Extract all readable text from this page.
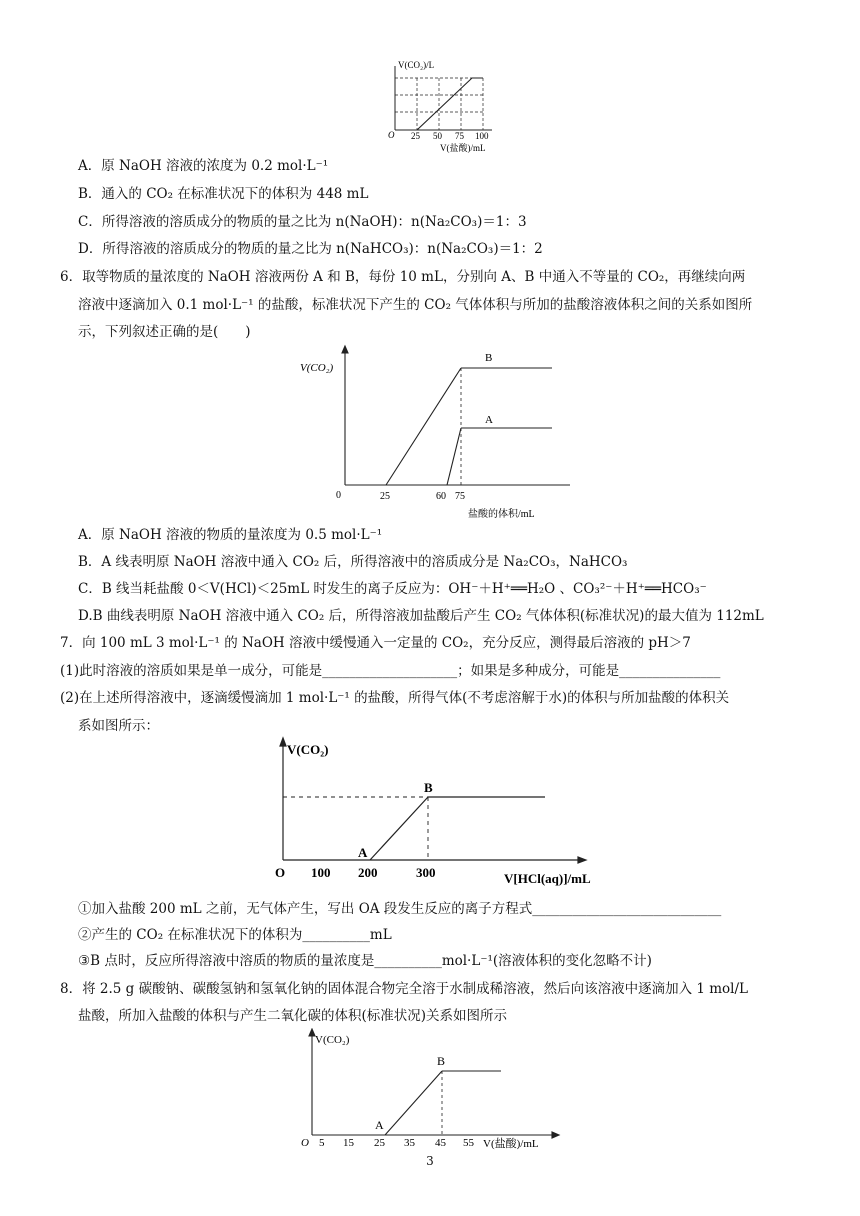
V(CO₂)/L
O 25 50 75 100
V(盐酸)/mL
A．原 NaOH 溶液的浓度为 0.2 mol·L⁻¹
B．通入的 CO₂ 在标准状况下的体积为 448 mL
C．所得溶液的溶质成分的物质的量之比为 n(NaOH)：n(Na₂CO₃)＝1：3
D．所得溶液的溶质成分的物质的量之比为 n(NaHCO₃)：n(Na₂CO₃)＝1：2
6．取等物质的量浓度的 NaOH 溶液两份 A 和 B，每份 10 mL，分别向 A、B 中通入不等量的 CO₂，再继续向两
溶液中逐滴加入 0.1 mol·L⁻¹ 的盐酸，标准状况下产生的 CO₂ 气体体积与所加的盐酸溶液体积之间的关系如图所
示，下列叙述正确的是(　　)
V(CO₂)
B
A
0	25	60 75
盐酸的体积/mL
A．原 NaOH 溶液的物质的量浓度为 0.5 mol·L⁻¹
B．A 线表明原 NaOH 溶液中通入 CO₂ 后，所得溶液中的溶质成分是 Na₂CO₃，NaHCO₃
C．B 线当耗盐酸 0＜V(HCl)＜25mL 时发生的离子反应为：OH⁻＋H⁺══H₂O 、CO₃²⁻＋H⁺══HCO₃⁻
D.B 曲线表明原 NaOH 溶液中通入 CO₂ 后，所得溶液加盐酸后产生 CO₂ 气体体积(标准状况)的最大值为 112mL
7．向 100 mL 3 mol·L⁻¹ 的 NaOH 溶液中缓慢通入一定量的 CO₂，充分反应，测得最后溶液的 pH＞7
(1)此时溶液的溶质如果是单一成分，可能是____________________；如果是多种成分，可能是_______________
(2)在上述所得溶液中，逐滴缓慢滴加 1 mol·L⁻¹ 的盐酸，所得气体(不考虑溶解于水)的体积与所加盐酸的体积关
系如图所示：
V(CO₂)
B
A
O 100 200	300	V[HCl(aq)]/mL
①加入盐酸 200 mL 之前，无气体产生，写出 OA 段发生反应的离子方程式____________________________
②产生的 CO₂ 在标准状况下的体积为__________mL
③B 点时，反应所得溶液中溶质的物质的量浓度是__________mol·L⁻¹(溶液体积的变化忽略不计)
8．将 2.5 g 碳酸钠、碳酸氢钠和氢氧化钠的固体混合物完全溶于水制成稀溶液，然后向该溶液中逐滴加入 1 mol/L
盐酸，所加入盐酸的体积与产生二氧化碳的体积(标准状况)关系如图所示
V(CO₂)
B
A
O 5 15 25 35 45 55 V(盐酸)/mL
3
